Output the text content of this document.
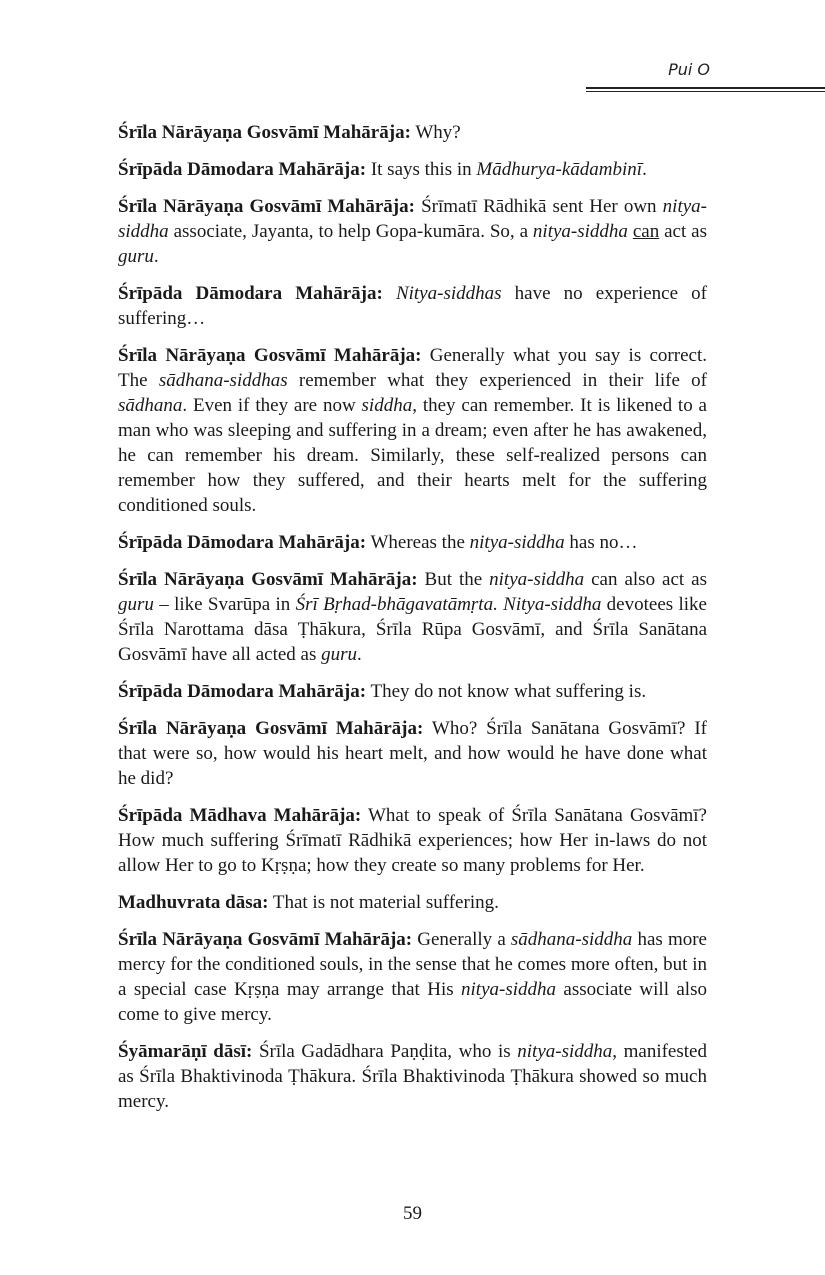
Pui O

Śrīla Nārāyaṇa Gosvāmī Mahārāja: Why?

Śrīpāda Dāmodara Mahārāja: It says this in Mādhurya-kādambinī.

Śrīla Nārāyaṇa Gosvāmī Mahārāja: Śrīmatī Rādhikā sent Her own nitya-siddha associate, Jayanta, to help Gopa-kumāra. So, a nitya-siddha can act as guru.

Śrīpāda Dāmodara Mahārāja: Nitya-siddhas have no experience of suffering…

Śrīla Nārāyaṇa Gosvāmī Mahārāja: Generally what you say is correct. The sādhana-siddhas remember what they experienced in their life of sādhana. Even if they are now siddha, they can remember. It is likened to a man who was sleeping and suffering in a dream; even after he has awakened, he can remember his dream. Similarly, these self-realized persons can remember how they suffered, and their hearts melt for the suffering conditioned souls.

Śrīpāda Dāmodara Mahārāja: Whereas the nitya-siddha has no…

Śrīla Nārāyaṇa Gosvāmī Mahārāja: But the nitya-siddha can also act as guru – like Svarūpa in Śrī Bṛhad-bhāgavatāmṛta. Nitya-siddha devotees like Śrīla Narottama dāsa Ṭhākura, Śrīla Rūpa Gosvāmī, and Śrīla Sanātana Gosvāmī have all acted as guru.

Śrīpāda Dāmodara Mahārāja: They do not know what suffering is.

Śrīla Nārāyaṇa Gosvāmī Mahārāja: Who? Śrīla Sanātana Gosvāmī? If that were so, how would his heart melt, and how would he have done what he did?

Śrīpāda Mādhava Mahārāja: What to speak of Śrīla Sanātana Gosvāmī? How much suffering Śrīmatī Rādhikā experiences; how Her in-laws do not allow Her to go to Kṛṣṇa; how they create so many problems for Her.

Madhuvrata dāsa: That is not material suffering.

Śrīla Nārāyaṇa Gosvāmī Mahārāja: Generally a sādhana-siddha has more mercy for the conditioned souls, in the sense that he comes more often, but in a special case Kṛṣṇa may arrange that His nitya-siddha associate will also come to give mercy.

Śyāmarāṇī dāsī: Śrīla Gadādhara Paṇḍita, who is nitya-siddha, manifested as Śrīla Bhaktivinoda Ṭhākura. Śrīla Bhaktivinoda Ṭhākura showed so much mercy.

59
